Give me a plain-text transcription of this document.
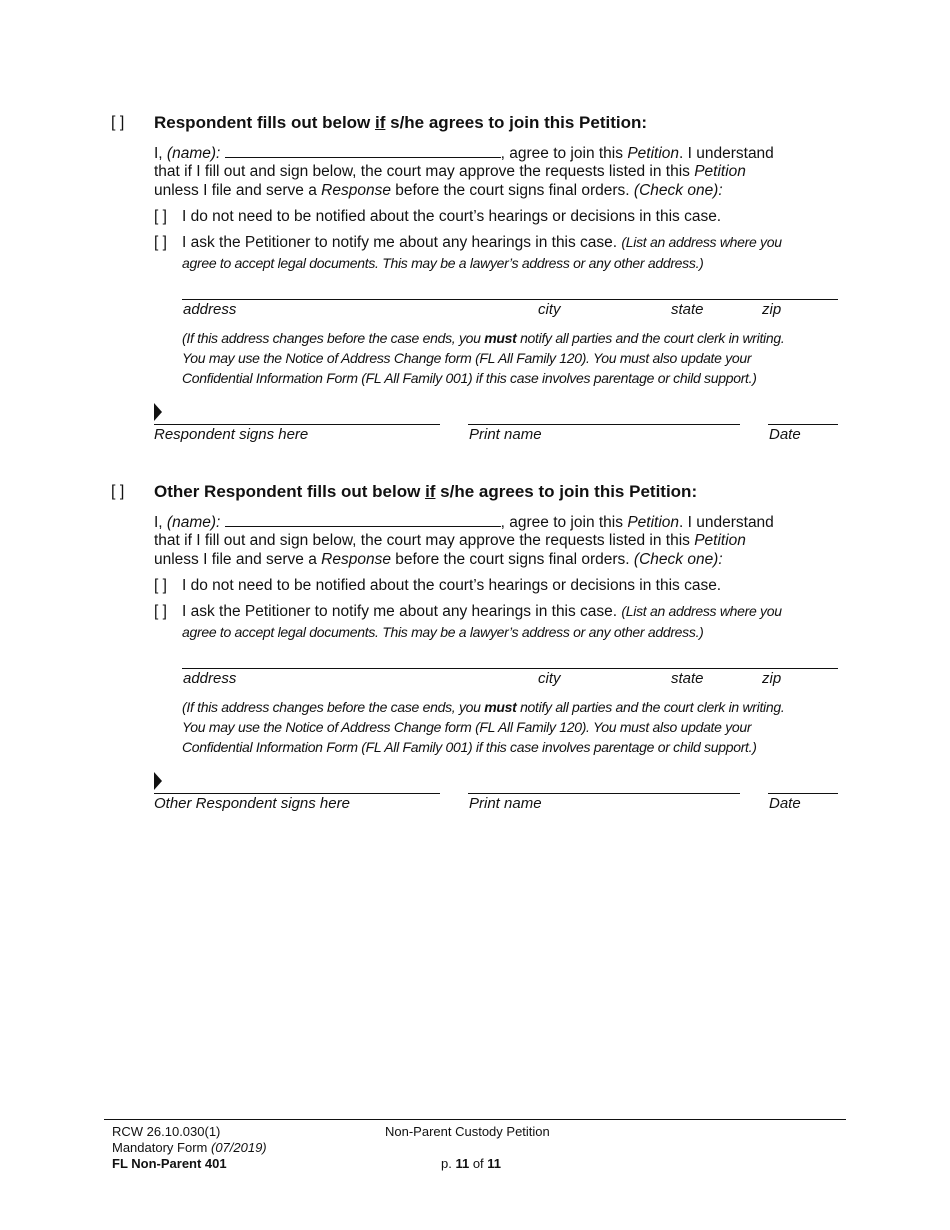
[ ] Respondent fills out below if s/he agrees to join this Petition:
I, (name):	, agree to join this Petition. I understand
that if I fill out and sign below, the court may approve the requests listed in this Petition
unless I file and serve a Response before the court signs final orders. (Check one):
[ ] I do not need to be notified about the court’s hearings or decisions in this case.
[ ] I ask the Petitioner to notify me about any hearings in this case. (List an address where you
agree to accept legal documents. This may be a lawyer’s address or any other address.)
address	city	state	zip
(If this address changes before the case ends, you must notify all parties and the court clerk in writing.
You may use the Notice of Address Change form (FL All Family 120). You must also update your
Confidential Information Form (FL All Family 001) if this case involves parentage or child support.)
Respondent signs here	Print name	Date
[ ] Other Respondent fills out below if s/he agrees to join this Petition:
I, (name):	, agree to join this Petition. I understand
that if I fill out and sign below, the court may approve the requests listed in this Petition
unless I file and serve a Response before the court signs final orders. (Check one):
[ ] I do not need to be notified about the court’s hearings or decisions in this case.
[ ] I ask the Petitioner to notify me about any hearings in this case. (List an address where you
agree to accept legal documents. This may be a lawyer’s address or any other address.)
address	city	state	zip
(If this address changes before the case ends, you must notify all parties and the court clerk in writing.
You may use the Notice of Address Change form (FL All Family 120). You must also update your
Confidential Information Form (FL All Family 001) if this case involves parentage or child support.)
Other Respondent signs here	Print name	Date
RCW 26.10.030(1)
Mandatory Form (07/2019)
FL Non-Parent 401
Non-Parent Custody Petition
p. 11 of 11
